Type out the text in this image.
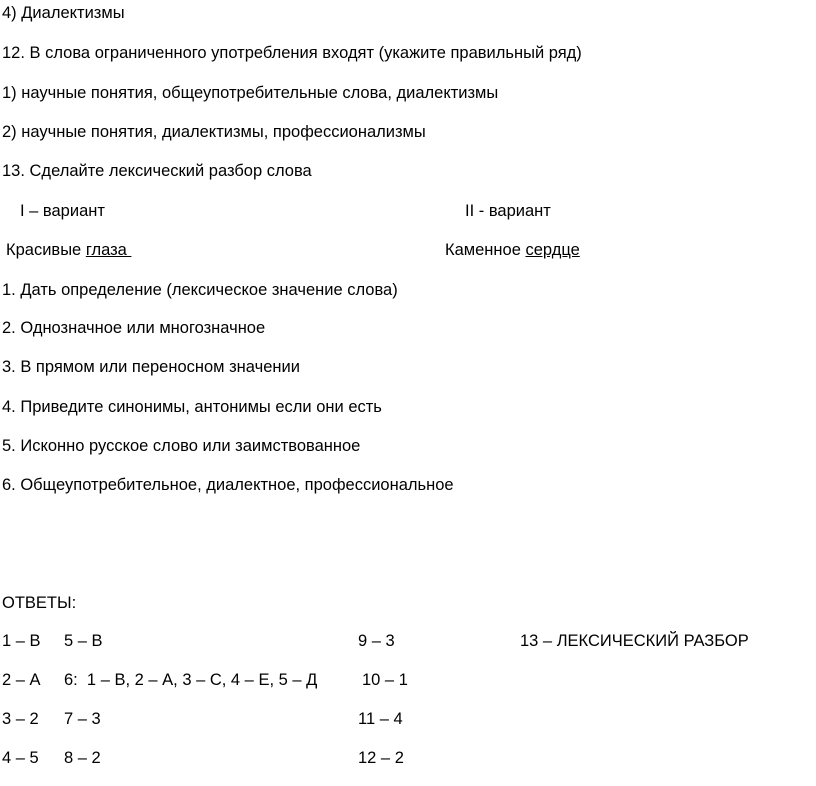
4) Диалектизмы
12. В слова ограниченного употребления входят (укажите правильный ряд)
1) научные понятия, общеупотребительные слова, диалектизмы
2) научные понятия, диалектизмы, профессионализмы
13. Сделайте лексический разбор слова
I – вариант	II - вариант
Красивые глаза	Каменное сердце
1. Дать определение (лексическое значение слова)
2. Однозначное или многозначное
3. В прямом или переносном значении
4. Приведите синонимы, антонимы если они есть
5. Исконно русское слово или заимствованное
6. Общеупотребительное, диалектное, профессиональное
ОТВЕТЫ:
1 – В 5 – В	9 – 3	13 – ЛЕКСИЧЕСКИЙ РАЗБОР
2 – А 6:  1 – В, 2 – А, 3 – С, 4 – Е, 5 – Д	10 – 1
3 – 2 7 – 3	11 – 4
4 – 5 8 – 2	12 – 2
